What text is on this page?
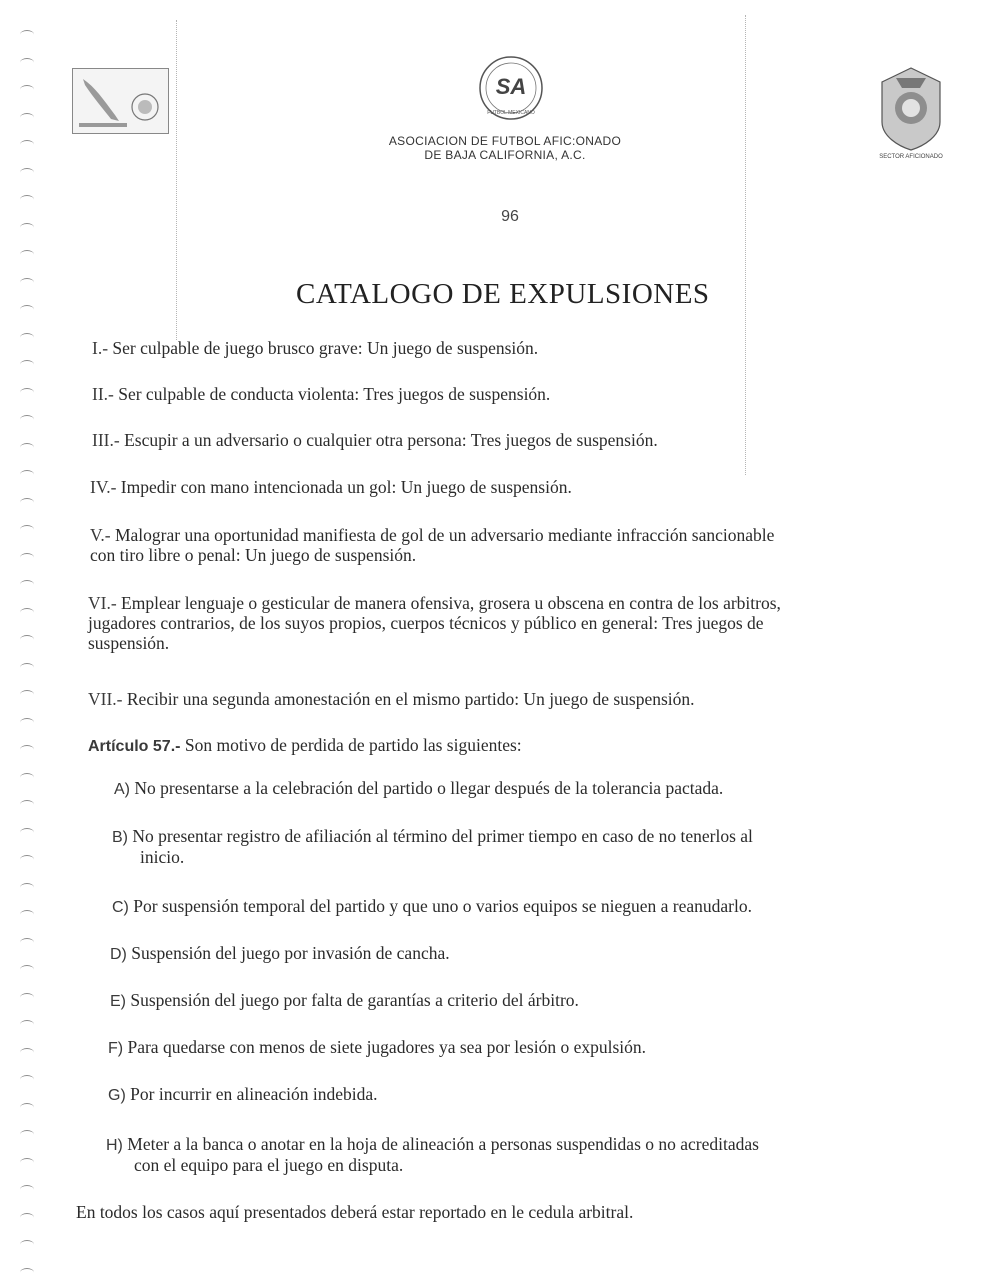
SA
FUTBOL MEXICANO
ASOCIACION DE FUTBOL AFIC:ONADO
DE BAJA CALIFORNIA, A.C.	SECTOR AFICIONADO
96
CATALOGO DE EXPULSIONES
I.- Ser culpable de juego brusco grave: Un juego de suspensión.
II.- Ser culpable de conducta violenta: Tres juegos de suspensión.
III.- Escupir a un adversario o cualquier otra persona: Tres juegos de suspensión.
IV.- Impedir con mano intencionada un gol: Un juego de suspensión.
V.- Malograr una oportunidad manifiesta de gol de un adversario mediante infracción sancionable
con tiro libre o penal: Un juego de suspensión.
VI.- Emplear lenguaje o gesticular de manera ofensiva, grosera u obscena en contra de los arbitros,
jugadores contrarios, de los suyos propios, cuerpos técnicos y público en general: Tres juegos de
suspensión.
VII.- Recibir una segunda amonestación en el mismo partido: Un juego de suspensión.
Artículo 57.- Son motivo de perdida de partido las siguientes:
A) No presentarse a la celebración del partido o llegar después de la tolerancia pactada.
B) No presentar registro de afiliación al término del primer tiempo en caso de no tenerlos al
inicio.
C) Por suspensión temporal del partido y que uno o varios equipos se nieguen a reanudarlo.
D) Suspensión del juego por invasión de cancha.
E) Suspensión del juego por falta de garantías a criterio del árbitro.
F) Para quedarse con menos de siete jugadores ya sea por lesión o expulsión.
G) Por incurrir en alineación indebida.
H) Meter a la banca o anotar en la hoja de alineación a personas suspendidas o no acreditadas
con el equipo para el juego en disputa.
En todos los casos aquí presentados deberá estar reportado en le cedula arbitral.
